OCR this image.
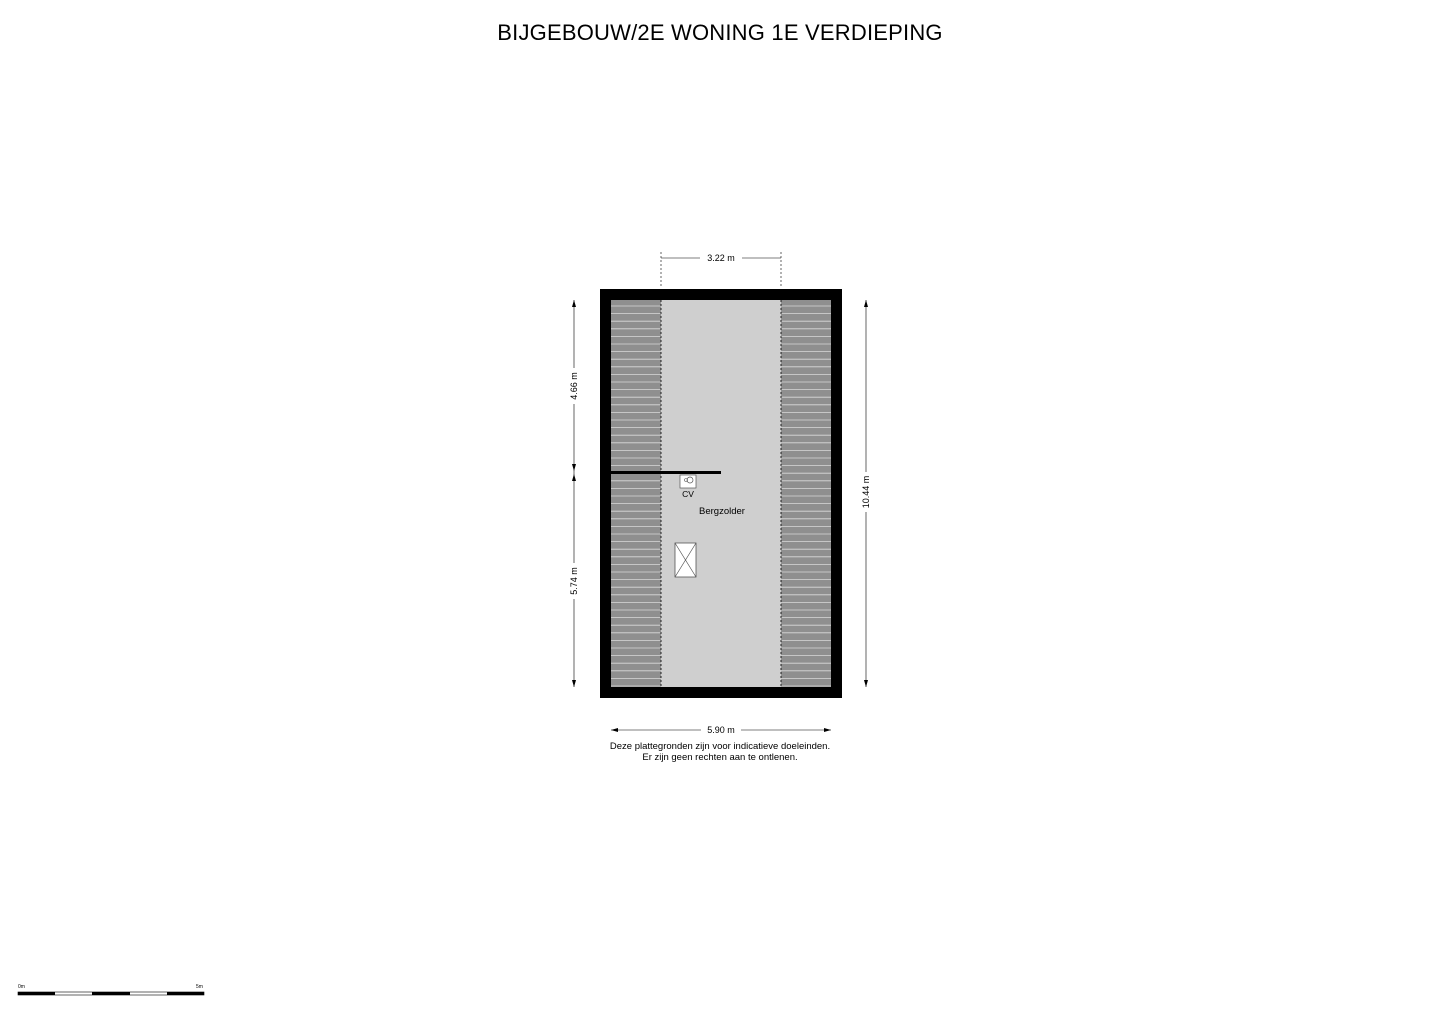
BIJGEBOUW/2E WONING 1E VERDIEPING
CV
Bergzolder
3.22 m
4.66 m
5.74 m
10.44 m
5.90 m
0m	5m
Deze plattegronden zijn voor indicatieve doeleinden.
Er zijn geen rechten aan te ontlenen.
